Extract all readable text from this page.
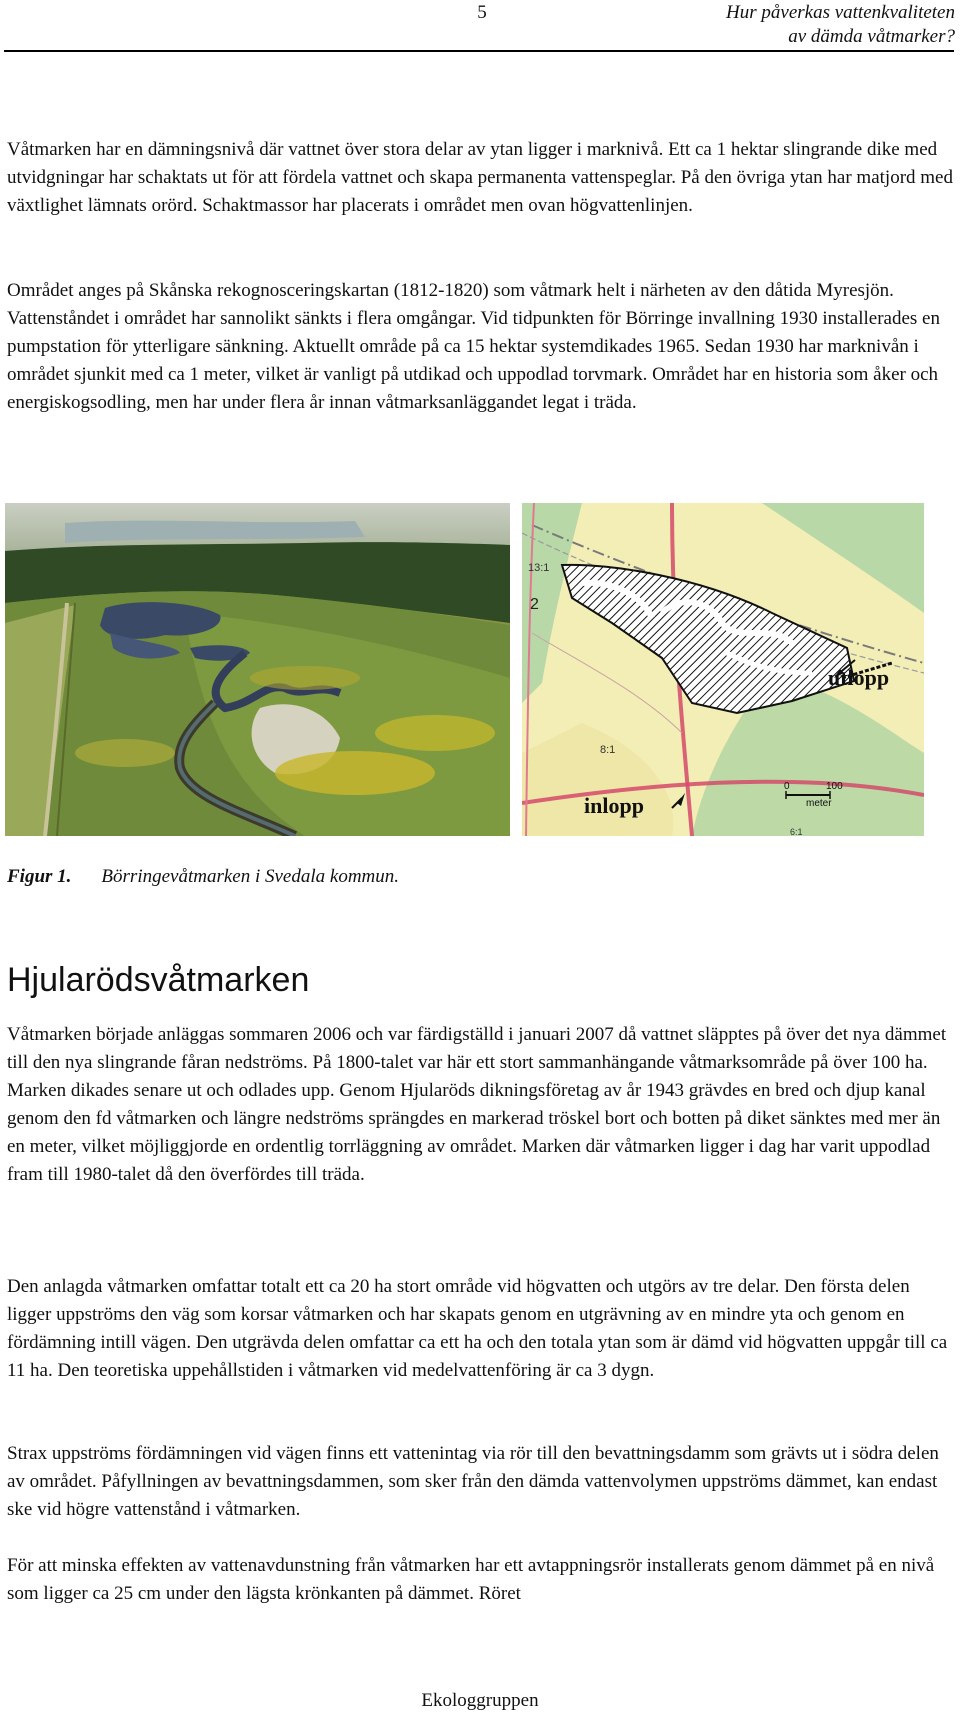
5	Hur påverkas vattenkvaliteten
av dämda våtmarker?

Våtmarken har en dämningsnivå där vattnet över stora delar av ytan ligger i marknivå. Ett ca 1 hektar slingrande dike med utvidgningar har schaktats ut för att fördela vattnet och skapa permanenta vattenspeglar. På den övriga ytan har matjord med växtlighet lämnats orörd. Schaktmassor har placerats i området men ovan högvattenlinjen.

Området anges på Skånska rekognosceringskartan (1812-1820) som våtmark helt i närheten av den dåtida Myresjön. Vattenståndet i området har sannolikt sänkts i flera omgångar. Vid tidpunkten för Börringe invallning 1930 installerades en pumpstation för ytterligare sänkning. Aktuellt område på ca 15 hektar systemdikades 1965. Sedan 1930 har marknivån i området sjunkit med ca 1 meter, vilket är vanligt på utdikad och uppodlad torvmark. Området har en historia som åker och energiskogsodling, men har under flera år innan våtmarksanläggandet legat i träda.

13:1
2
8:1
6:1
utlopp
inlopp
0	100
meter
Figur 1. Börringevåtmarken i Svedala kommun.
Hjularödsvåtmarken

Våtmarken började anläggas sommaren 2006 och var färdigställd i januari 2007 då vattnet släpptes på över det nya dämmet till den nya slingrande fåran nedströms. På 1800-talet var här ett stort sammanhängande våtmarksområde på över 100 ha. Marken dikades senare ut och odlades upp. Genom Hjularöds dikningsföretag av år 1943 grävdes en bred och djup kanal genom den fd våtmarken och längre nedströms sprängdes en markerad tröskel bort och botten på diket sänktes med mer än en meter, vilket möjliggjorde en ordentlig torrläggning av området. Marken där våtmarken ligger i dag har varit uppodlad fram till 1980-talet då den överfördes till träda.

Den anlagda våtmarken omfattar totalt ett ca 20 ha stort område vid högvatten och utgörs av tre delar. Den första delen ligger uppströms den väg som korsar våtmarken och har skapats genom en utgrävning av en mindre yta och genom en fördämning intill vägen. Den utgrävda delen omfattar ca ett ha och den totala ytan som är dämd vid högvatten uppgår till ca 11 ha. Den teoretiska uppehållstiden i våtmarken vid medelvattenföring är ca 3 dygn.

Strax uppströms fördämningen vid vägen finns ett vattenintag via rör till den bevattningsdamm som grävts ut i södra delen av området. Påfyllningen av bevattningsdammen, som sker från den dämda vattenvolymen uppströms dämmet, kan endast ske vid högre vattenstånd i våtmarken.

För att minska effekten av vattenavdunstning från våtmarken har ett avtappningsrör installerats genom dämmet på en nivå som ligger ca 25 cm under den lägsta krönkanten på dämmet. Röret

Ekologgruppen
